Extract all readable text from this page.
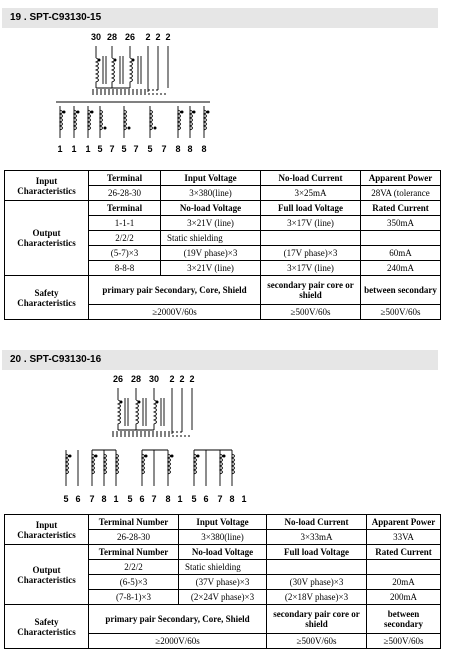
19 . SPT-C93130-15
30 28 26 2 2 2
1 1 1 5 7 5 7 5 7 8 8 8
Input Characteristics	Terminal	Input Voltage	No-load Current	Apparent Power
	26-28-30	3×380(line)	3×25mA	28VA (tolerance
Output Characteristics	Terminal	No-load Voltage	Full load Voltage	Rated Current
	1-1-1	3×21V (line)	3×17V (line)	350mA
	2/2/2	Static shielding		
	(5-7)×3	(19V phase)×3	(17V phase)×3	60mA
	8-8-8	3×21V (line)	3×17V (line)	240mA
Safety Characteristics	primary pair Secondary, Core, Shield		secondary pair core or shield	between secondary
	≥2000V/60s		≥500V/60s	≥500V/60s
20 . SPT-C93130-16
26 28 30 2 2 2
5 6 7 8 1 5 6 7 8 1 5 6 7 8 1
Input Characteristics	Terminal Number	Input Voltage	No-load Current	Apparent Power
	26-28-30	3×380(line)	3×33mA	33VA
Output Characteristics	Terminal Number	No-load Voltage	Full load Voltage	Rated Current
	2/2/2	Static shielding		
	(6-5)×3	(37V phase)×3	(30V phase)×3	20mA
	(7-8-1)×3	(2×24V phase)×3	(2×18V phase)×3	200mA
Safety Characteristics	primary pair Secondary, Core, Shield		secondary pair core or shield	between secondary
	≥2000V/60s		≥500V/60s	≥500V/60s
